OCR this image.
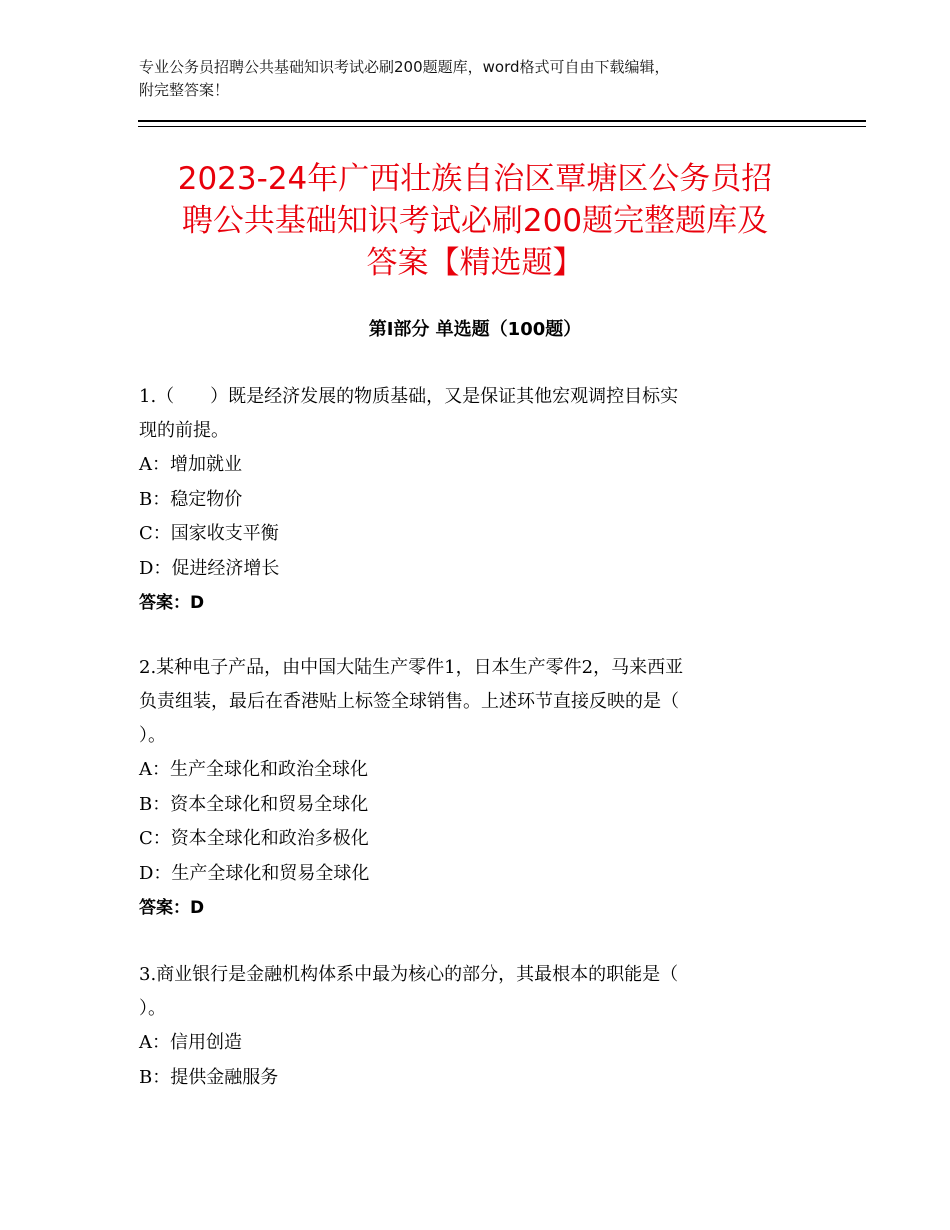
专业公务员招聘公共基础知识考试必刷200题题库，word格式可自由下载编辑，
附完整答案！
2023-24年广西壮族自治区覃塘区公务员招
聘公共基础知识考试必刷200题完整题库及
答案【精选题】
第Ⅰ部分 单选题（100题）
1.（　　）既是经济发展的物质基础，又是保证其他宏观调控目标实
现的前提。
A：增加就业
B：稳定物价
C：国家收支平衡
D：促进经济增长
答案：D
2.某种电子产品，由中国大陆生产零件1，日本生产零件2，马来西亚
负责组装，最后在香港贴上标签全球销售。上述环节直接反映的是（
）。
A：生产全球化和政治全球化
B：资本全球化和贸易全球化
C：资本全球化和政治多极化
D：生产全球化和贸易全球化
答案：D
3.商业银行是金融机构体系中最为核心的部分，其最根本的职能是（
）。
A：信用创造
B：提供金融服务
